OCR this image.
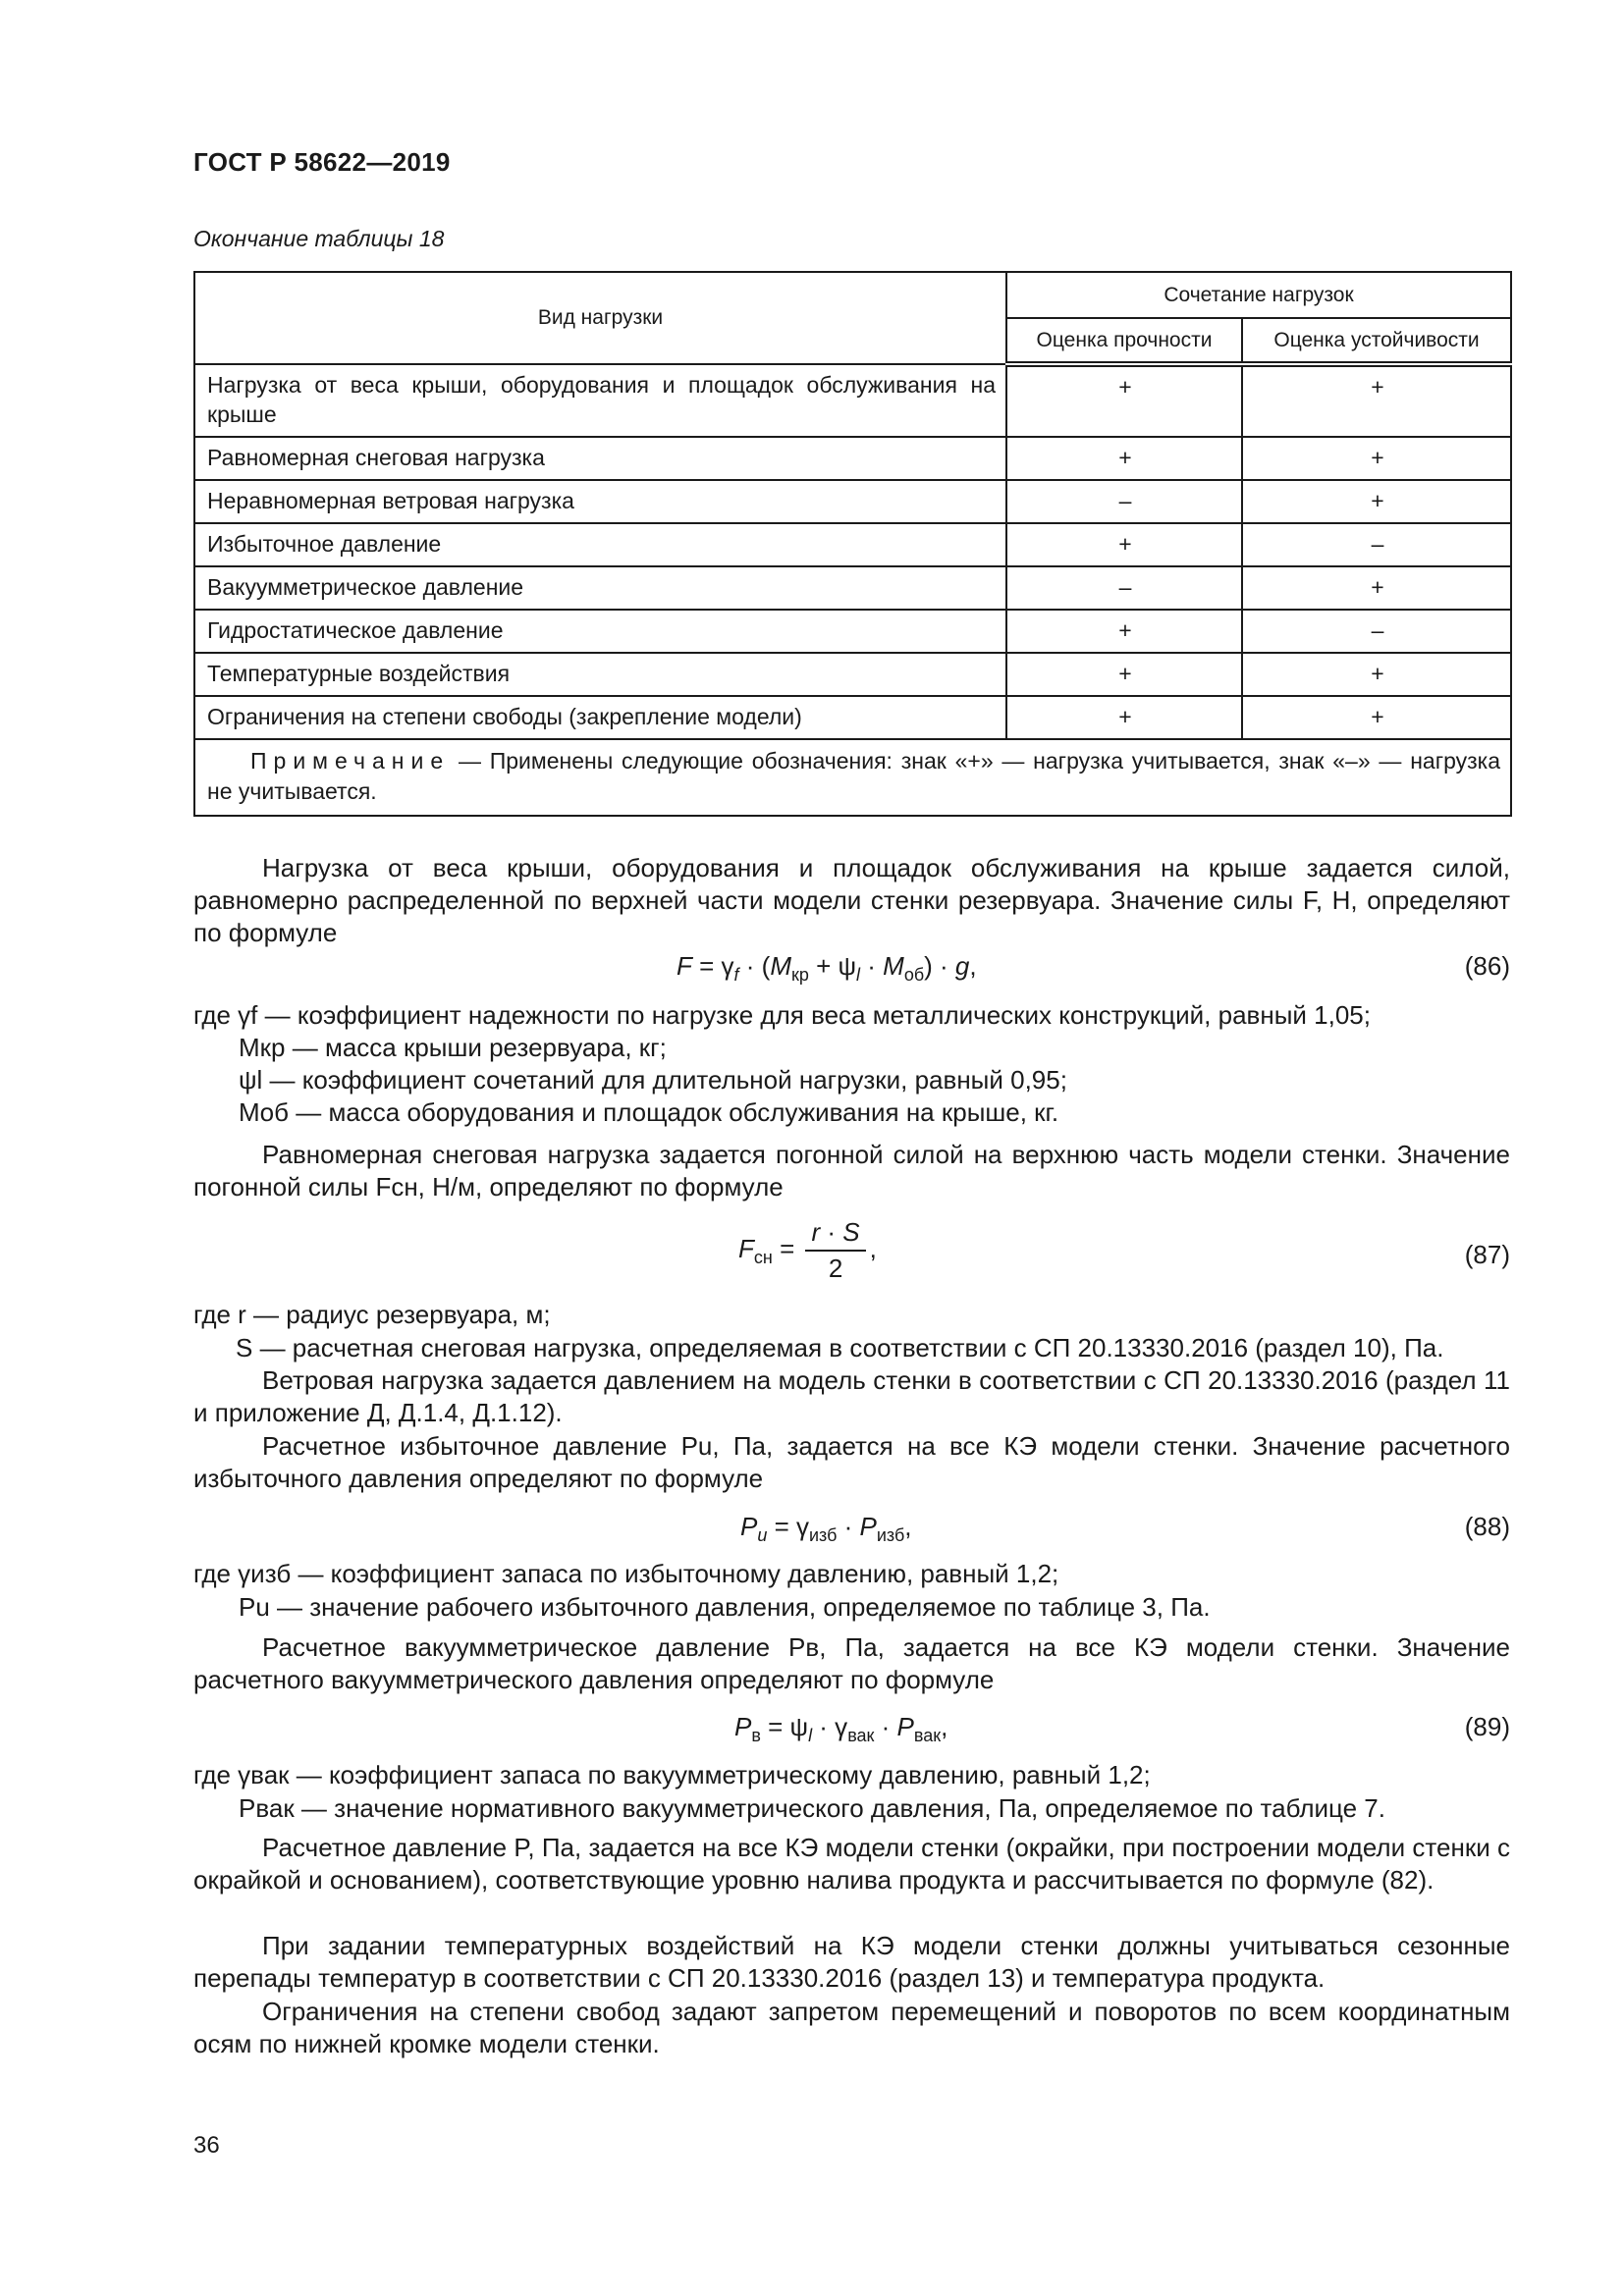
ГОСТ Р 58622—2019
Окончание таблицы 18
Вид нагрузки	Сочетание нагрузок	
	Оценка прочности	Оценка устойчивости
Нагрузка от веса крыши, оборудования и площадок обслуживания на крыше	+	+
Равномерная снеговая нагрузка	+	+
Неравномерная ветровая нагрузка	–	+
Избыточное давление	+	–
Вакуумметрическое давление	–	+
Гидростатическое давление	+	–
Температурные воздействия	+	+
Ограничения на степени свободы (закрепление модели)	+	+
Примечание — Применены следующие обозначения: знак «+» — нагрузка учитывается, знак «–» — нагрузка не учитывается.		
Нагрузка от веса крыши, оборудования и площадок обслуживания на крыше задается силой, равномерно распределенной по верхней части модели стенки резервуара. Значение силы F, Н, определяют по формуле
$F = \gamma_f \cdot (M_{кр} + \psi_l \cdot M_{об}) \cdot g$,	(86)
где γf — коэффициент надежности по нагрузке для веса металлических конструкций, равный 1,05;
Mкр — масса крыши резервуара, кг;
ψl — коэффициент сочетаний для длительной нагрузки, равный 0,95;
Mоб — масса оборудования и площадок обслуживания на крыше, кг.
Равномерная снеговая нагрузка задается погонной силой на верхнюю часть модели стенки. Значение погонной силы Fсн, Н/м, определяют по формуле
$F_{сн} = \frac{r \cdot S}{2}$ ,	(87)
где r — радиус резервуара, м;
S — расчетная снеговая нагрузка, определяемая в соответствии с СП 20.13330.2016 (раздел 10), Па.
Ветровая нагрузка задается давлением на модель стенки в соответствии с СП 20.13330.2016 (раздел 11 и приложение Д, Д.1.4, Д.1.12).
Расчетное избыточное давление Pu, Па, задается на все КЭ модели стенки. Значение расчетного избыточного давления определяют по формуле
$P_u = \gamma_{изб} \cdot P_{изб}$,	(88)
где γизб — коэффициент запаса по избыточному давлению, равный 1,2;
Pu — значение рабочего избыточного давления, определяемое по таблице 3, Па.
Расчетное вакуумметрическое давление Pв, Па, задается на все КЭ модели стенки. Значение расчетного вакуумметрического давления определяют по формуле
$P_в = \psi_l \cdot \gamma_{вак} \cdot P_{вак}$,	(89)
где γвак — коэффициент запаса по вакуумметрическому давлению, равный 1,2;
Pвак — значение нормативного вакуумметрического давления, Па, определяемое по таблице 7.
Расчетное давление P, Па, задается на все КЭ модели стенки (окрайки, при построении модели стенки с окрайкой и основанием), соответствующие уровню налива продукта и рассчитывается по формуле (82).
При задании температурных воздействий на КЭ модели стенки должны учитываться сезонные перепады температур в соответствии с СП 20.13330.2016 (раздел 13) и температура продукта.
Ограничения на степени свобод задают запретом перемещений и поворотов по всем координатным осям по нижней кромке модели стенки.
36
